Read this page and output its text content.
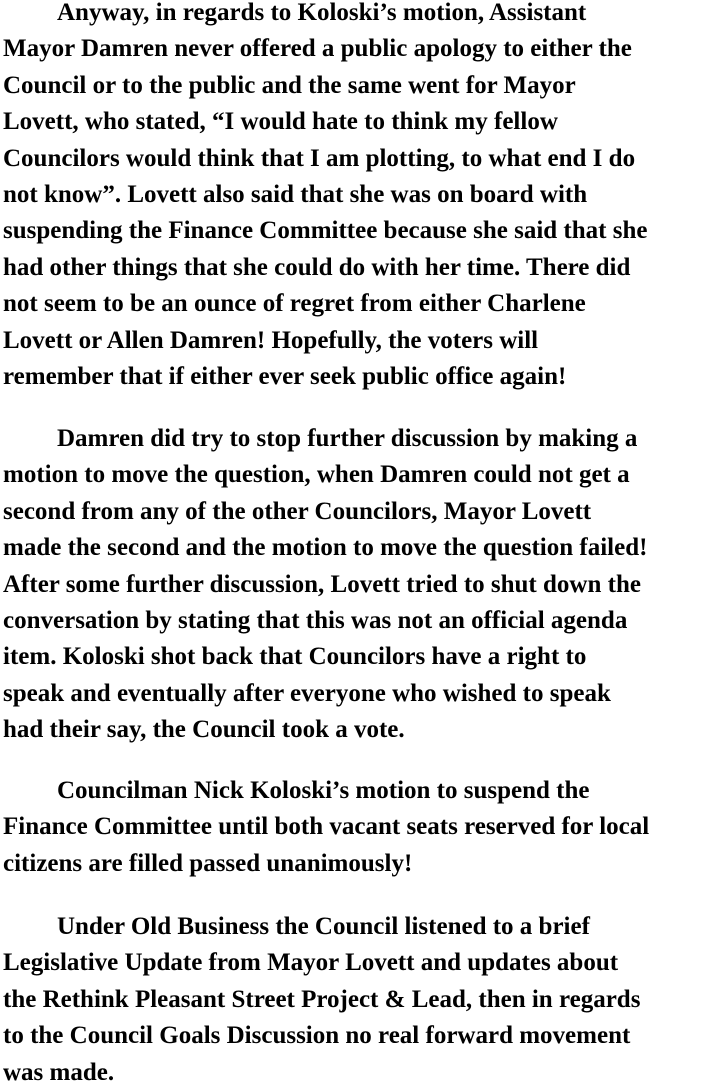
Anyway, in regards to Koloski’s motion, Assistant
Mayor Damren never offered a public apology to either the
Council or to the public and the same went for Mayor
Lovett, who stated, “I would hate to think my fellow
Councilors would think that I am plotting, to what end I do
not know”. Lovett also said that she was on board with
suspending the Finance Committee because she said that she
had other things that she could do with her time. There did
not seem to be an ounce of regret from either Charlene
Lovett or Allen Damren! Hopefully, the voters will
remember that if either ever seek public office again!

Damren did try to stop further discussion by making a
motion to move the question, when Damren could not get a
second from any of the other Councilors, Mayor Lovett
made the second and the motion to move the question failed!
After some further discussion, Lovett tried to shut down the
conversation by stating that this was not an official agenda
item. Koloski shot back that Councilors have a right to
speak and eventually after everyone who wished to speak
had their say, the Council took a vote.

Councilman Nick Koloski’s motion to suspend the
Finance Committee until both vacant seats reserved for local
citizens are filled passed unanimously!

Under Old Business the Council listened to a brief
Legislative Update from Mayor Lovett and updates about
the Rethink Pleasant Street Project & Lead, then in regards
to the Council Goals Discussion no real forward movement
was made.
